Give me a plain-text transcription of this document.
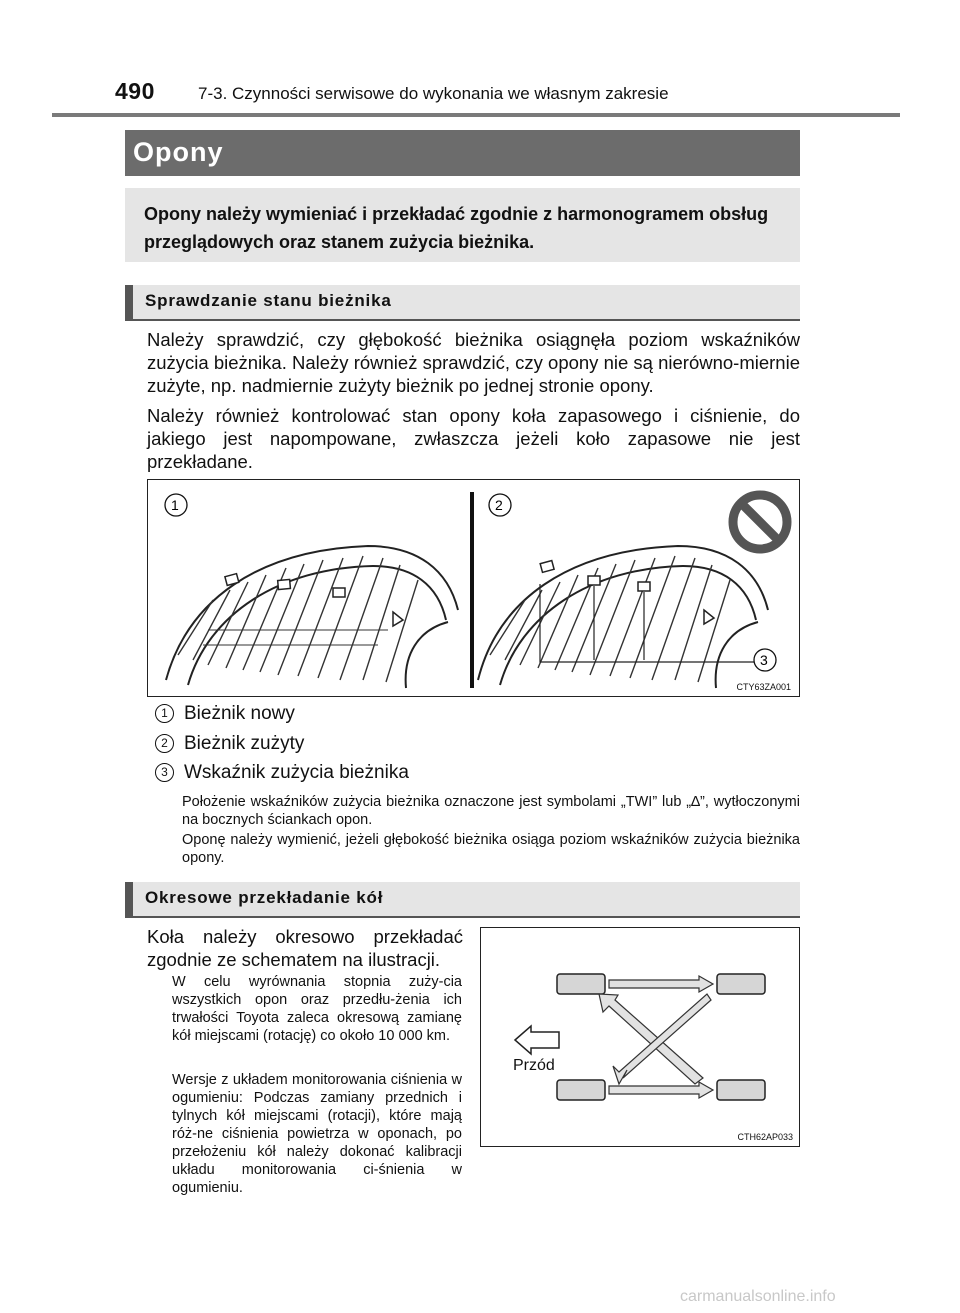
490	7-3. Czynności serwisowe do wykonania we własnym zakresie
Opony
Opony należy wymieniać i przekładać zgodnie z harmonogramem obsług przeglądowych oraz stanem zużycia bieżnika.
Sprawdzanie stanu bieżnika
Należy sprawdzić, czy głębokość bieżnika osiągnęła poziom wskaźników zużycia bieżnika. Należy również sprawdzić, czy opony nie są nierówno-miernie zużyte, np. nadmiernie zużyty bieżnik po jednej stronie opony.
Należy również kontrolować stan opony koła zapasowego i ciśnienie, do jakiego jest napompowane, zwłaszcza jeżeli koło zapasowe nie jest przekładane.
1	2
3
CTY63ZA001
1 Bieżnik nowy
2 Bieżnik zużyty
3 Wskaźnik zużycia bieżnika
Położenie wskaźników zużycia bieżnika oznaczone jest symbolami „TWI” lub „∆”, wytłoczonymi na bocznych ściankach opon.
Oponę należy wymienić, jeżeli głębokość bieżnika osiąga poziom wskaźników zużycia bieżnika opony.
Okresowe przekładanie kół
Koła należy okresowo przekładać zgodnie ze schematem na ilustracji.
W celu wyrównania stopnia zuży-cia wszystkich opon oraz przedłu-żenia ich trwałości Toyota zaleca okresową zamianę kół miejscami (rotację) co około 10 000 km.
Wersje z układem monitorowania ciśnienia w ogumieniu: Podczas zamiany przednich i tylnych kół miejscami (rotacji), które mają róż-ne ciśnienia powietrza w oponach, po przełożeniu kół należy dokonać kalibracji układu monitorowania ci-śnienia w ogumieniu.
Przód
CTH62AP033
carmanualsonline.info
